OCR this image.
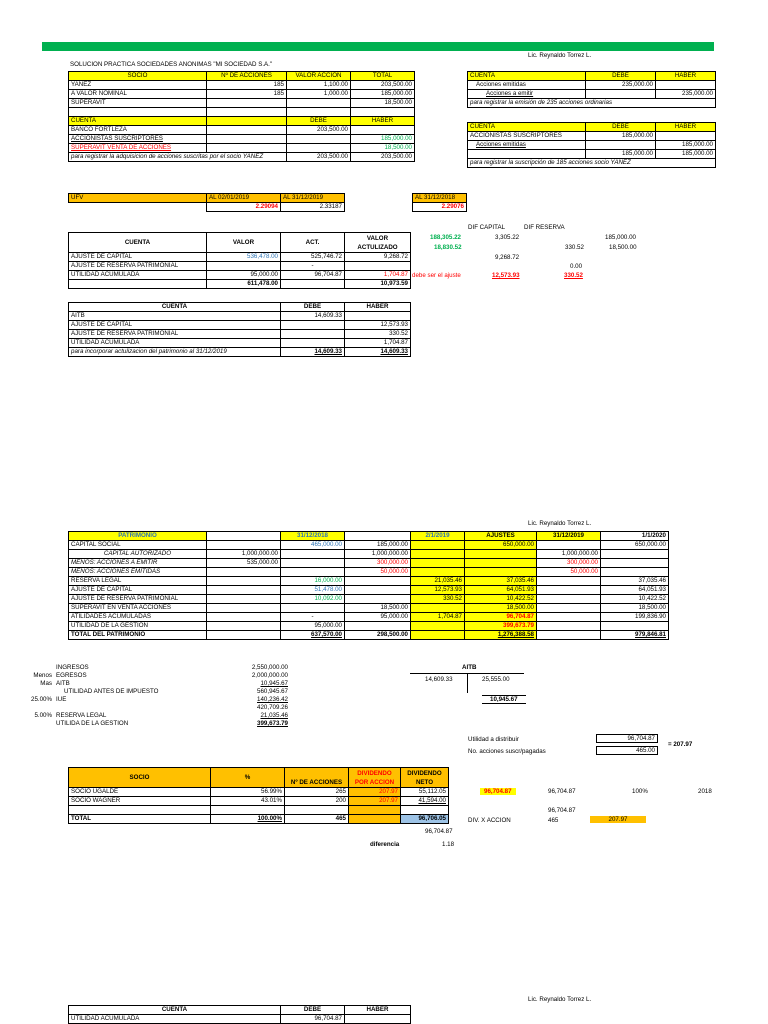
Lic. Reynaldo Torrez L.
SOLUCION PRACTICA SOCIEDADES ANONIMAS "MI SOCIEDAD S.A."
SOCIO	Nº DE ACCIONES	VALOR ACCION	TOTAL
YAÑEZ	185	1,100.00	203,500.00
A VALOR NOMINAL	185	1,000.00	185,000.00
SUPERAVIT			18,500.00

CUENTA		DEBE	HABER
BANCO FORTLEZA		203,500.00	
ACCIONISTAS SUSCRIPTORES			185,000.00
SUPERAVIT VENTA DE ACCIONES			18,500.00
para registrar la adquisicion de acciones suscritas por el socio YAÑEZ		203,500.00	203,500.00
CUENTA	DEBE	HABER
Acciones emitidas	235,000.00	
Acciones a emitir		235,000.00
para registrar la emisión de 235 acciones ordinarias		
CUENTA	DEBE	HABER
ACCIONISTAS SUSCRIPTORES	185,000.00	
Acciones emitidas		185,000.00
	185,000.00	185,000.00
para registrar la suscripción de 185 acciones socio YAÑEZ		
UFV	AL 02/01/2019	AL 31/12/2019
	2.29094	2.33187
AL 31/12/2018
2.29076
DIF CAPITAL	DIF RESERVA
188,305.22	3,305.22	185,000.00
18,830.52	330.52	18,500.00
9,268.72
0.00
CUENTA	VALOR	ACT.	VALOR ACTULIZADO
AJUSTE DE CAPITAL	536,478.00	525,746.72	9,268.72
AJUSTE DE RESERVA PATRIMONIAL		-	
UTILIDAD ACUMULADA	95,000.00	96,704.87	1,704.87
	611,478.00		10,973.59
debe ser el ajuste	12,573.93	330.52
CUENTA	DEBE	HABER
AITB	14,609.33	
AJUSTE DE CAPITAL		12,573.93
AJUSTE DE RESERVA PATRIMONIAL		330.52
UTILIDAD ACUMULADA		1,704.87
para incorporar actulizacion del patrimonio al 31/12/2019	14,609.33	14,609.33
Lic. Reynaldo Torrez L.
PATRIMONIO		31/12/2018		2/1/2019	AJUSTES	31/12/2019	1/1/2020
CAPITAL SOCIAL		465,000.00	185,000.00		650,000.00		650,000.00
CAPITAL AUTORIZADO	1,000,000.00		1,000,000.00			1,000,000.00	
MENOS: ACCIONES A EMITIR	535,000.00		300,000.00			300,000.00	
MENOS: ACCIONES EMITIDAS			50,000.00			50,000.00	
RESERVA LEGAL		16,000.00		21,035.46	37,035.46		37,035.46
AJUSTE DE CAPITAL		51,478.00		12,573.93	64,051.93		64,051.93
AJUSTE DE RESERVA PATRIMONIAL		10,092.00		330.52	10,422.52		10,422.52
SUPERAVIT EN VENTA ACCIONES			18,500.00		18,500.00		18,500.00
ATILIDADES ACUMULADAS		-	95,000.00	1,704.87	96,704.87		199,836.90
UTILIDAD DE LA GESTION		95,000.00			399,673.79		
TOTAL DEL PATRIMONIO		637,570.00	298,500.00		1,276,388.58		979,846.81
	INGRESOS	2,550,000.00
Menos	EGRESOS	2,000,000.00
Mas	AITB	10,945.67
	UTILIDAD ANTES DE IMPUESTO	560,945.67
25.00%	IUE	140,236.42
		420,709.26
5.00%	RESERVA LEGAL	21,035.46
	UTILIDA DE LA GESTION	399,673.79
AITB
14,609.33	25,555.00
10,945.67
Utilidad a distribuir	96,704.87
No. acciones suscr/pagadas	465.00
= 207.97
SOCIO	%	Nº DE ACCIONES	DIVIDENDO POR ACCION	DIVIDENDO NETO
SOCIO UGALDE	56.99%	265	207.97	55,112.05
SOCIO WAGNER	43.01%	200	207.97	41,594.00

TOTAL	100.00%	465		96,706.05
96,704.87	96,704.87	100%	2018
96,704.87
DIV. X ACCION	465	207.97
96,704.87
diferencia	1.18
Lic. Reynaldo Torrez L.
CUENTA	DEBE	HABER
UTILIDAD ACUMULADA	96,704.87	
